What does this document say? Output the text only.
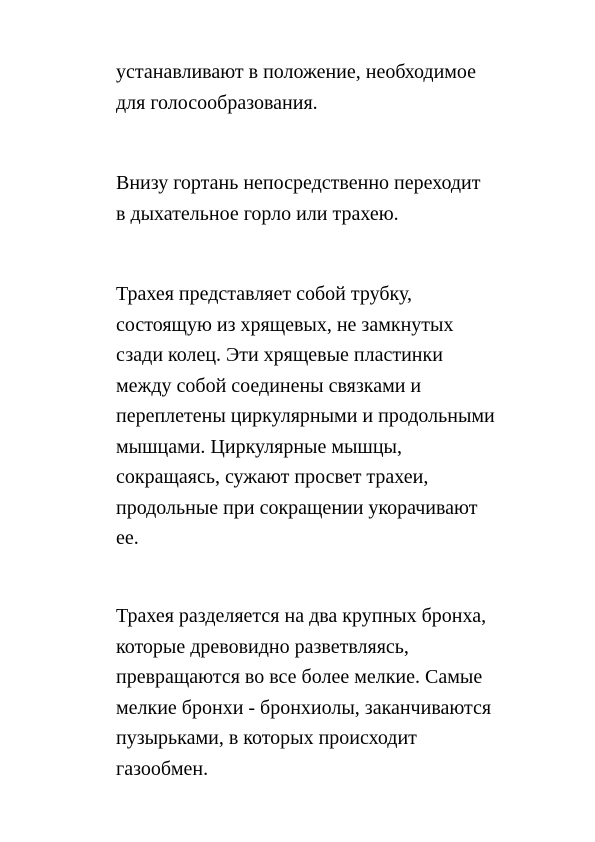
устанавливают в положение, необходимое
для голосообразования.

Внизу гортань непосредственно переходит
в дыхательное горло или трахею.

Трахея представляет собой трубку,
состоящую из хрящевых, не замкнутых
сзади колец. Эти хрящевые пластинки
между собой соединены связками и
переплетены циркулярными и продольными
мышцами. Циркулярные мышцы,
сокращаясь, сужают просвет трахеи,
продольные при сокращении укорачивают
ее.

Трахея разделяется на два крупных бронха,
которые древовидно разветвляясь,
превращаются во все более мелкие. Самые
мелкие бронхи - бронхиолы, заканчиваются
пузырьками, в которых происходит
газообмен.
